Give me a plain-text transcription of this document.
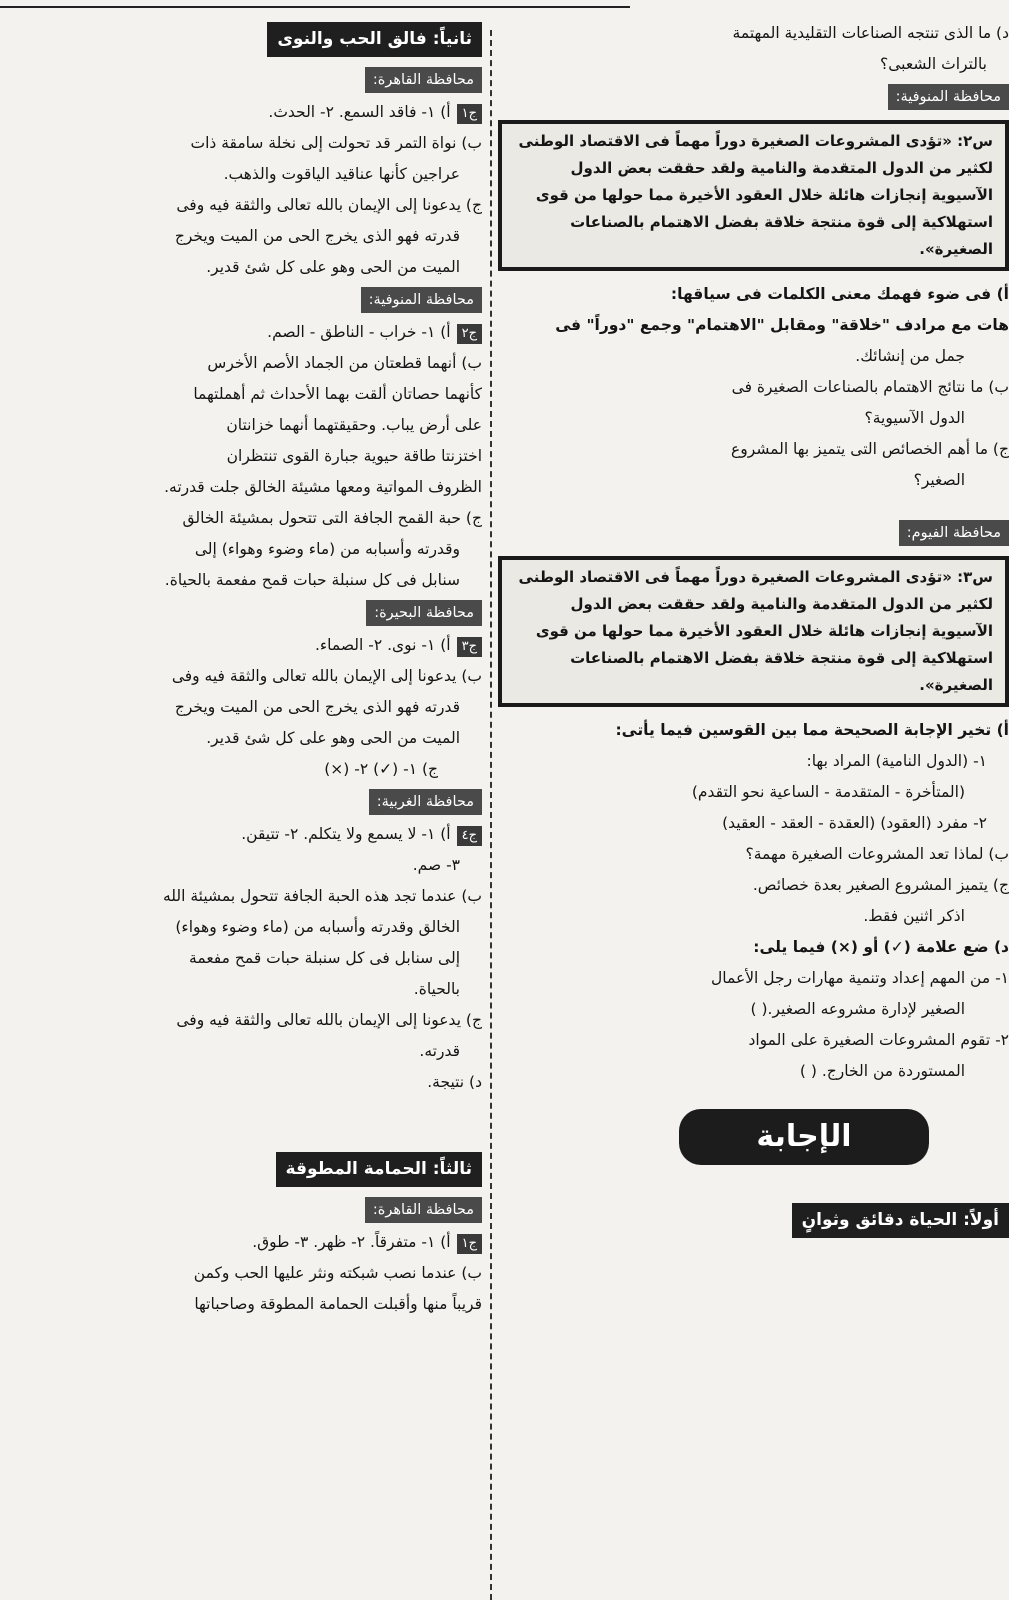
د) ما الذى تنتجه الصناعات التقليدية المهتمة

بالتراث الشعبى؟

محافظة المنوفية:
س٢: «تؤدى المشروعات الصغيرة دوراً مهماً فى الاقتصاد الوطنى لكثير من الدول المتقدمة والنامية ولقد حققت بعض الدول الآسيوية إنجازات هائلة خلال العقود الأخيرة مما حولها من قوى استهلاكية إلى قوة منتجة خلاقة بفضل الاهتمام بالصناعات الصغيرة».

أ) فى ضوء فهمك معنى الكلمات فى سياقها:

هات مع مرادف "خلاقة" ومقابل "الاهتمام" وجمع "دوراً" فى

جمل من إنشائك.

ب) ما نتائج الاهتمام بالصناعات الصغيرة فى

الدول الآسيوية؟

ج) ما أهم الخصائص التى يتميز بها المشروع

الصغير؟

محافظة الفيوم:
س٣: «تؤدى المشروعات الصغيرة دوراً مهماً فى الاقتصاد الوطنى لكثير من الدول المتقدمة والنامية ولقد حققت بعض الدول الآسيوية إنجازات هائلة خلال العقود الأخيرة مما حولها من قوى استهلاكية إلى قوة منتجة خلاقة بفضل الاهتمام بالصناعات الصغيرة».

أ) تخير الإجابة الصحيحة مما بين القوسين فيما يأتى:

١- (الدول النامية) المراد بها:

(المتأخرة - المتقدمة - الساعية نحو التقدم)

٢- مفرد (العقود) (العقدة - العقد - العقيد)

ب) لماذا تعد المشروعات الصغيرة مهمة؟

ج) يتميز المشروع الصغير بعدة خصائص.

اذكر اثنين فقط.

د) ضع علامة (✓) أو (×) فيما يلى:

١- من المهم إعداد وتنمية مهارات رجل الأعمال

الصغير لإدارة مشروعه الصغير.( )

٢- تقوم المشروعات الصغيرة على المواد

المستوردة من الخارج. ( )

الإجابة
أولاً: الحياة دقائق وثوانٍ
ثانياً: فالق الحب والنوى
محافظة القاهرة:

ج١أ) ١- فاقد السمع. ٢- الحدث.

ب) نواة التمر قد تحولت إلى نخلة سامقة ذات

عراجين كأنها عناقيد الياقوت والذهب.

ج) يدعونا إلى الإيمان بالله تعالى والثقة فيه وفى

قدرته فهو الذى يخرج الحى من الميت ويخرج

الميت من الحى وهو على كل شئ قدير.

محافظة المنوفية:

ج٢أ) ١- خراب - الناطق - الصم.

ب) أنهما قطعتان من الجماد الأصم الأخرس

كأنهما حصاتان ألقت بهما الأحداث ثم أهملتهما

على أرض يباب. وحقيقتهما أنهما خزانتان

اختزنتا طاقة حيوية جبارة القوى تنتظران

الظروف المواتية ومعها مشيئة الخالق جلت قدرته.

ج) حبة القمح الجافة التى تتحول بمشيئة الخالق

وقدرته وأسبابه من (ماء وضوء وهواء) إلى

سنابل فى كل سنبلة حبات قمح مفعمة بالحياة.

محافظة البحيرة:

ج٣أ) ١- نوى. ٢- الصماء.

ب) يدعونا إلى الإيمان بالله تعالى والثقة فيه وفى

قدرته فهو الذى يخرج الحى من الميت ويخرج

الميت من الحى وهو على كل شئ قدير.

ج) ١- (✓) ٢- (×)

محافظة الغربية:

ج٤أ) ١- لا يسمع ولا يتكلم. ٢- تتيقن.

٣- صم.

ب) عندما تجد هذه الحبة الجافة تتحول بمشيئة الله

الخالق وقدرته وأسبابه من (ماء وضوء وهواء)

إلى سنابل فى كل سنبلة حبات قمح مفعمة

بالحياة.

ج) يدعونا إلى الإيمان بالله تعالى والثقة فيه وفى

قدرته.

د) نتيجة.

ثالثاً: الحمامة المطوقة
محافظة القاهرة:

ج١أ) ١- متفرقاً. ٢- ظهر. ٣- طوق.

ب) عندما نصب شبكته ونثر عليها الحب وكمن

قريباً منها وأقبلت الحمامة المطوقة وصاحباتها
